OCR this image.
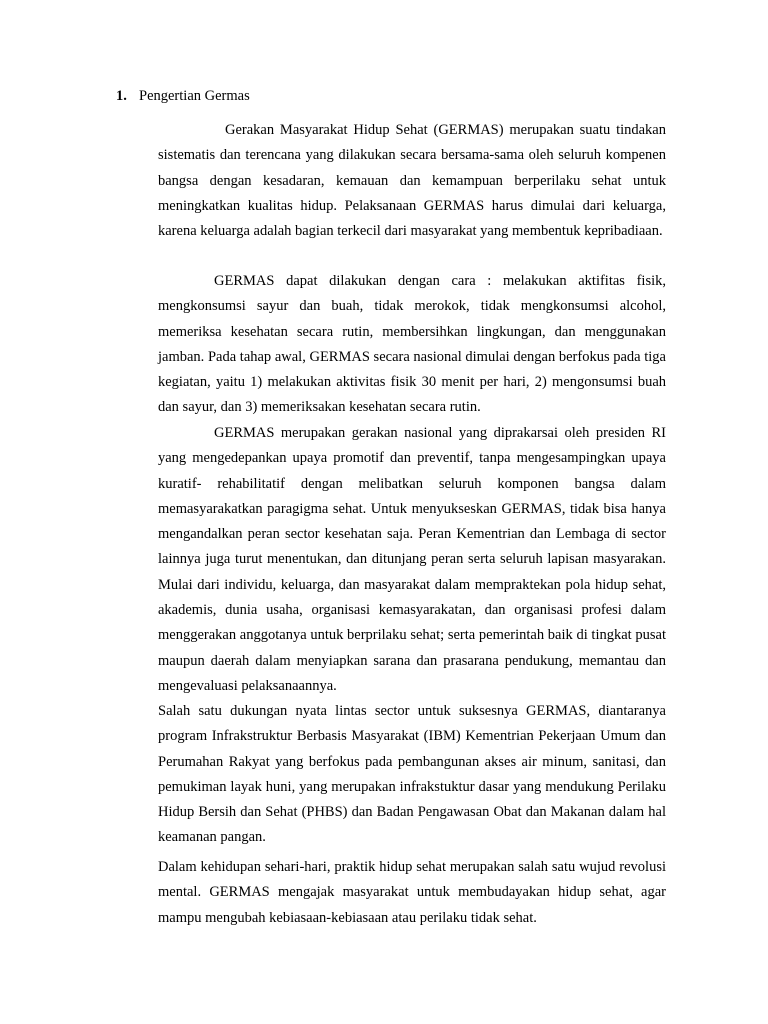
1. Pengertian Germas

Gerakan Masyarakat Hidup Sehat (GERMAS) merupakan suatu tindakan sistematis dan terencana yang dilakukan secara bersama-sama oleh seluruh kompenen bangsa dengan kesadaran, kemauan dan kemampuan berperilaku sehat untuk meningkatkan kualitas hidup. Pelaksanaan GERMAS harus dimulai dari keluarga, karena keluarga adalah bagian terkecil dari masyarakat yang membentuk kepribadiaan.

GERMAS dapat dilakukan dengan cara : melakukan aktifitas fisik, mengkonsumsi sayur dan buah, tidak merokok, tidak mengkonsumsi alcohol, memeriksa kesehatan secara rutin, membersihkan lingkungan, dan menggunakan jamban. Pada tahap awal, GERMAS secara nasional dimulai dengan berfokus pada tiga kegiatan, yaitu 1) melakukan aktivitas fisik 30 menit per hari, 2) mengonsumsi buah dan sayur, dan 3) memeriksakan kesehatan secara rutin.

GERMAS merupakan gerakan nasional yang diprakarsai oleh presiden RI yang mengedepankan upaya promotif dan preventif, tanpa mengesampingkan upaya kuratif- rehabilitatif dengan melibatkan seluruh komponen bangsa dalam memasyarakatkan paragigma sehat. Untuk menyukseskan GERMAS, tidak bisa hanya mengandalkan peran sector kesehatan saja. Peran Kementrian dan Lembaga di sector lainnya juga turut menentukan, dan ditunjang peran serta seluruh lapisan masyarakan. Mulai dari individu, keluarga, dan masyarakat dalam mempraktekan pola hidup sehat, akademis, dunia usaha, organisasi kemasyarakatan, dan organisasi profesi dalam menggerakan anggotanya untuk berprilaku sehat; serta pemerintah baik di tingkat pusat maupun daerah dalam menyiapkan sarana dan prasarana pendukung, memantau dan mengevaluasi pelaksanaannya.

Salah satu dukungan nyata lintas sector untuk suksesnya GERMAS, diantaranya program Infrakstruktur Berbasis Masyarakat (IBM) Kementrian Pekerjaan Umum dan Perumahan Rakyat yang berfokus pada pembangunan akses air minum, sanitasi, dan pemukiman layak huni, yang merupakan infrakstuktur dasar yang mendukung Perilaku Hidup Bersih dan Sehat (PHBS) dan Badan Pengawasan Obat dan Makanan dalam hal keamanan pangan.

Dalam kehidupan sehari-hari, praktik hidup sehat merupakan salah satu wujud revolusi mental. GERMAS mengajak masyarakat untuk membudayakan hidup sehat, agar mampu mengubah kebiasaan-kebiasaan atau perilaku tidak sehat.
